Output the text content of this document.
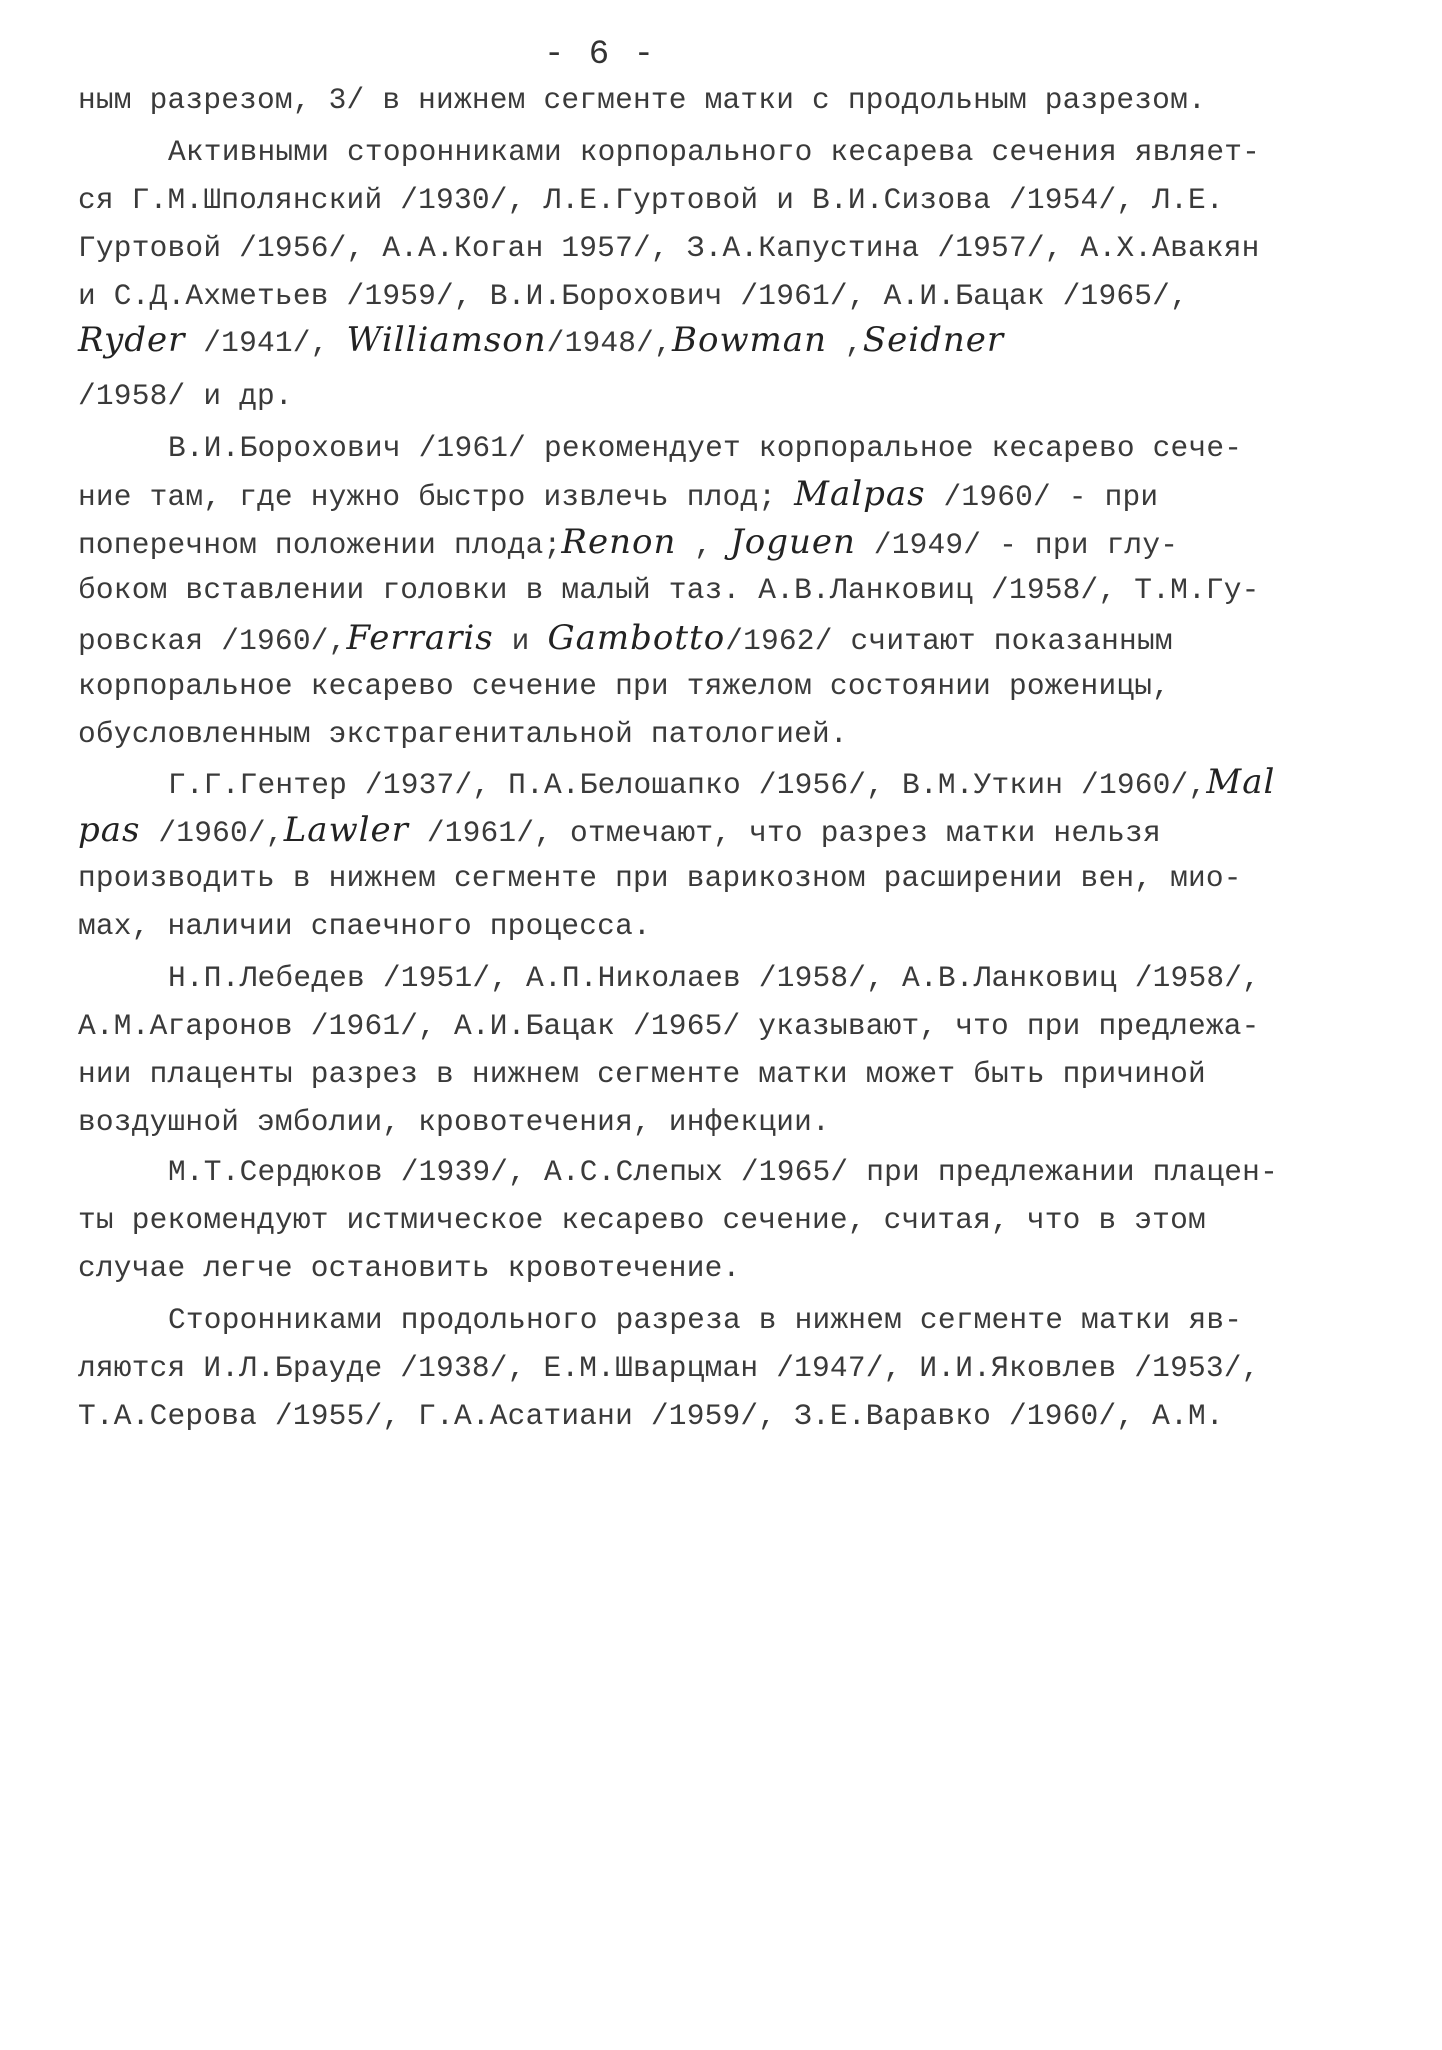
- 6 -
ным разрезом, 3/ в нижнем сегменте матки с продольным разрезом.
Активными сторонниками корпорального кесарева сечения являет-
ся Г.М.Шполянский /1930/, Л.Е.Гуртовой и В.И.Сизова /1954/, Л.Е.
Гуртовой /1956/, А.А.Коган 1957/, З.А.Капустина /1957/, А.Х.Авакян
и С.Д.Ахметьев /1959/, В.И.Борохович /1961/, А.И.Бацак /1965/,
Ryder /1941/, Williamson/1948/,Bowman ,Seidner
/1958/ и др.
В.И.Борохович /1961/ рекомендует корпоральное кесарево сече-
ние там, где нужно быстро извлечь плод; Malpas /1960/ - при
поперечном положении плода;Renon , Joguen /1949/ - при глу-
боком вставлении головки в малый таз. А.В.Ланковиц /1958/, Т.М.Гу-
ровская /1960/,Ferraris и Gambotto/1962/ считают показанным
корпоральное кесарево сечение при тяжелом состоянии роженицы,
обусловленным экстрагенитальной патологией.
Г.Г.Гентер /1937/, П.А.Белошапко /1956/, В.М.Уткин /1960/,Mal
pas /1960/,Lawler /1961/, отмечают, что разрез матки нельзя
производить в нижнем сегменте при варикозном расширении вен, мио-
мах, наличии спаечного процесса.
Н.П.Лебедев /1951/, А.П.Николаев /1958/, А.В.Ланковиц /1958/,
А.М.Агаронов /1961/, А.И.Бацак /1965/ указывают, что при предлежа-
нии плаценты разрез в нижнем сегменте матки может быть причиной
воздушной эмболии, кровотечения, инфекции.
М.Т.Сердюков /1939/, А.С.Слепых /1965/ при предлежании плацен-
ты рекомендуют истмическое кесарево сечение, считая, что в этом
случае легче остановить кровотечение.
Сторонниками продольного разреза в нижнем сегменте матки яв-
ляются И.Л.Брауде /1938/, Е.М.Шварцман /1947/, И.И.Яковлев /1953/,
Т.А.Серова /1955/, Г.А.Асатиани /1959/, З.Е.Варавко /1960/, А.М.
